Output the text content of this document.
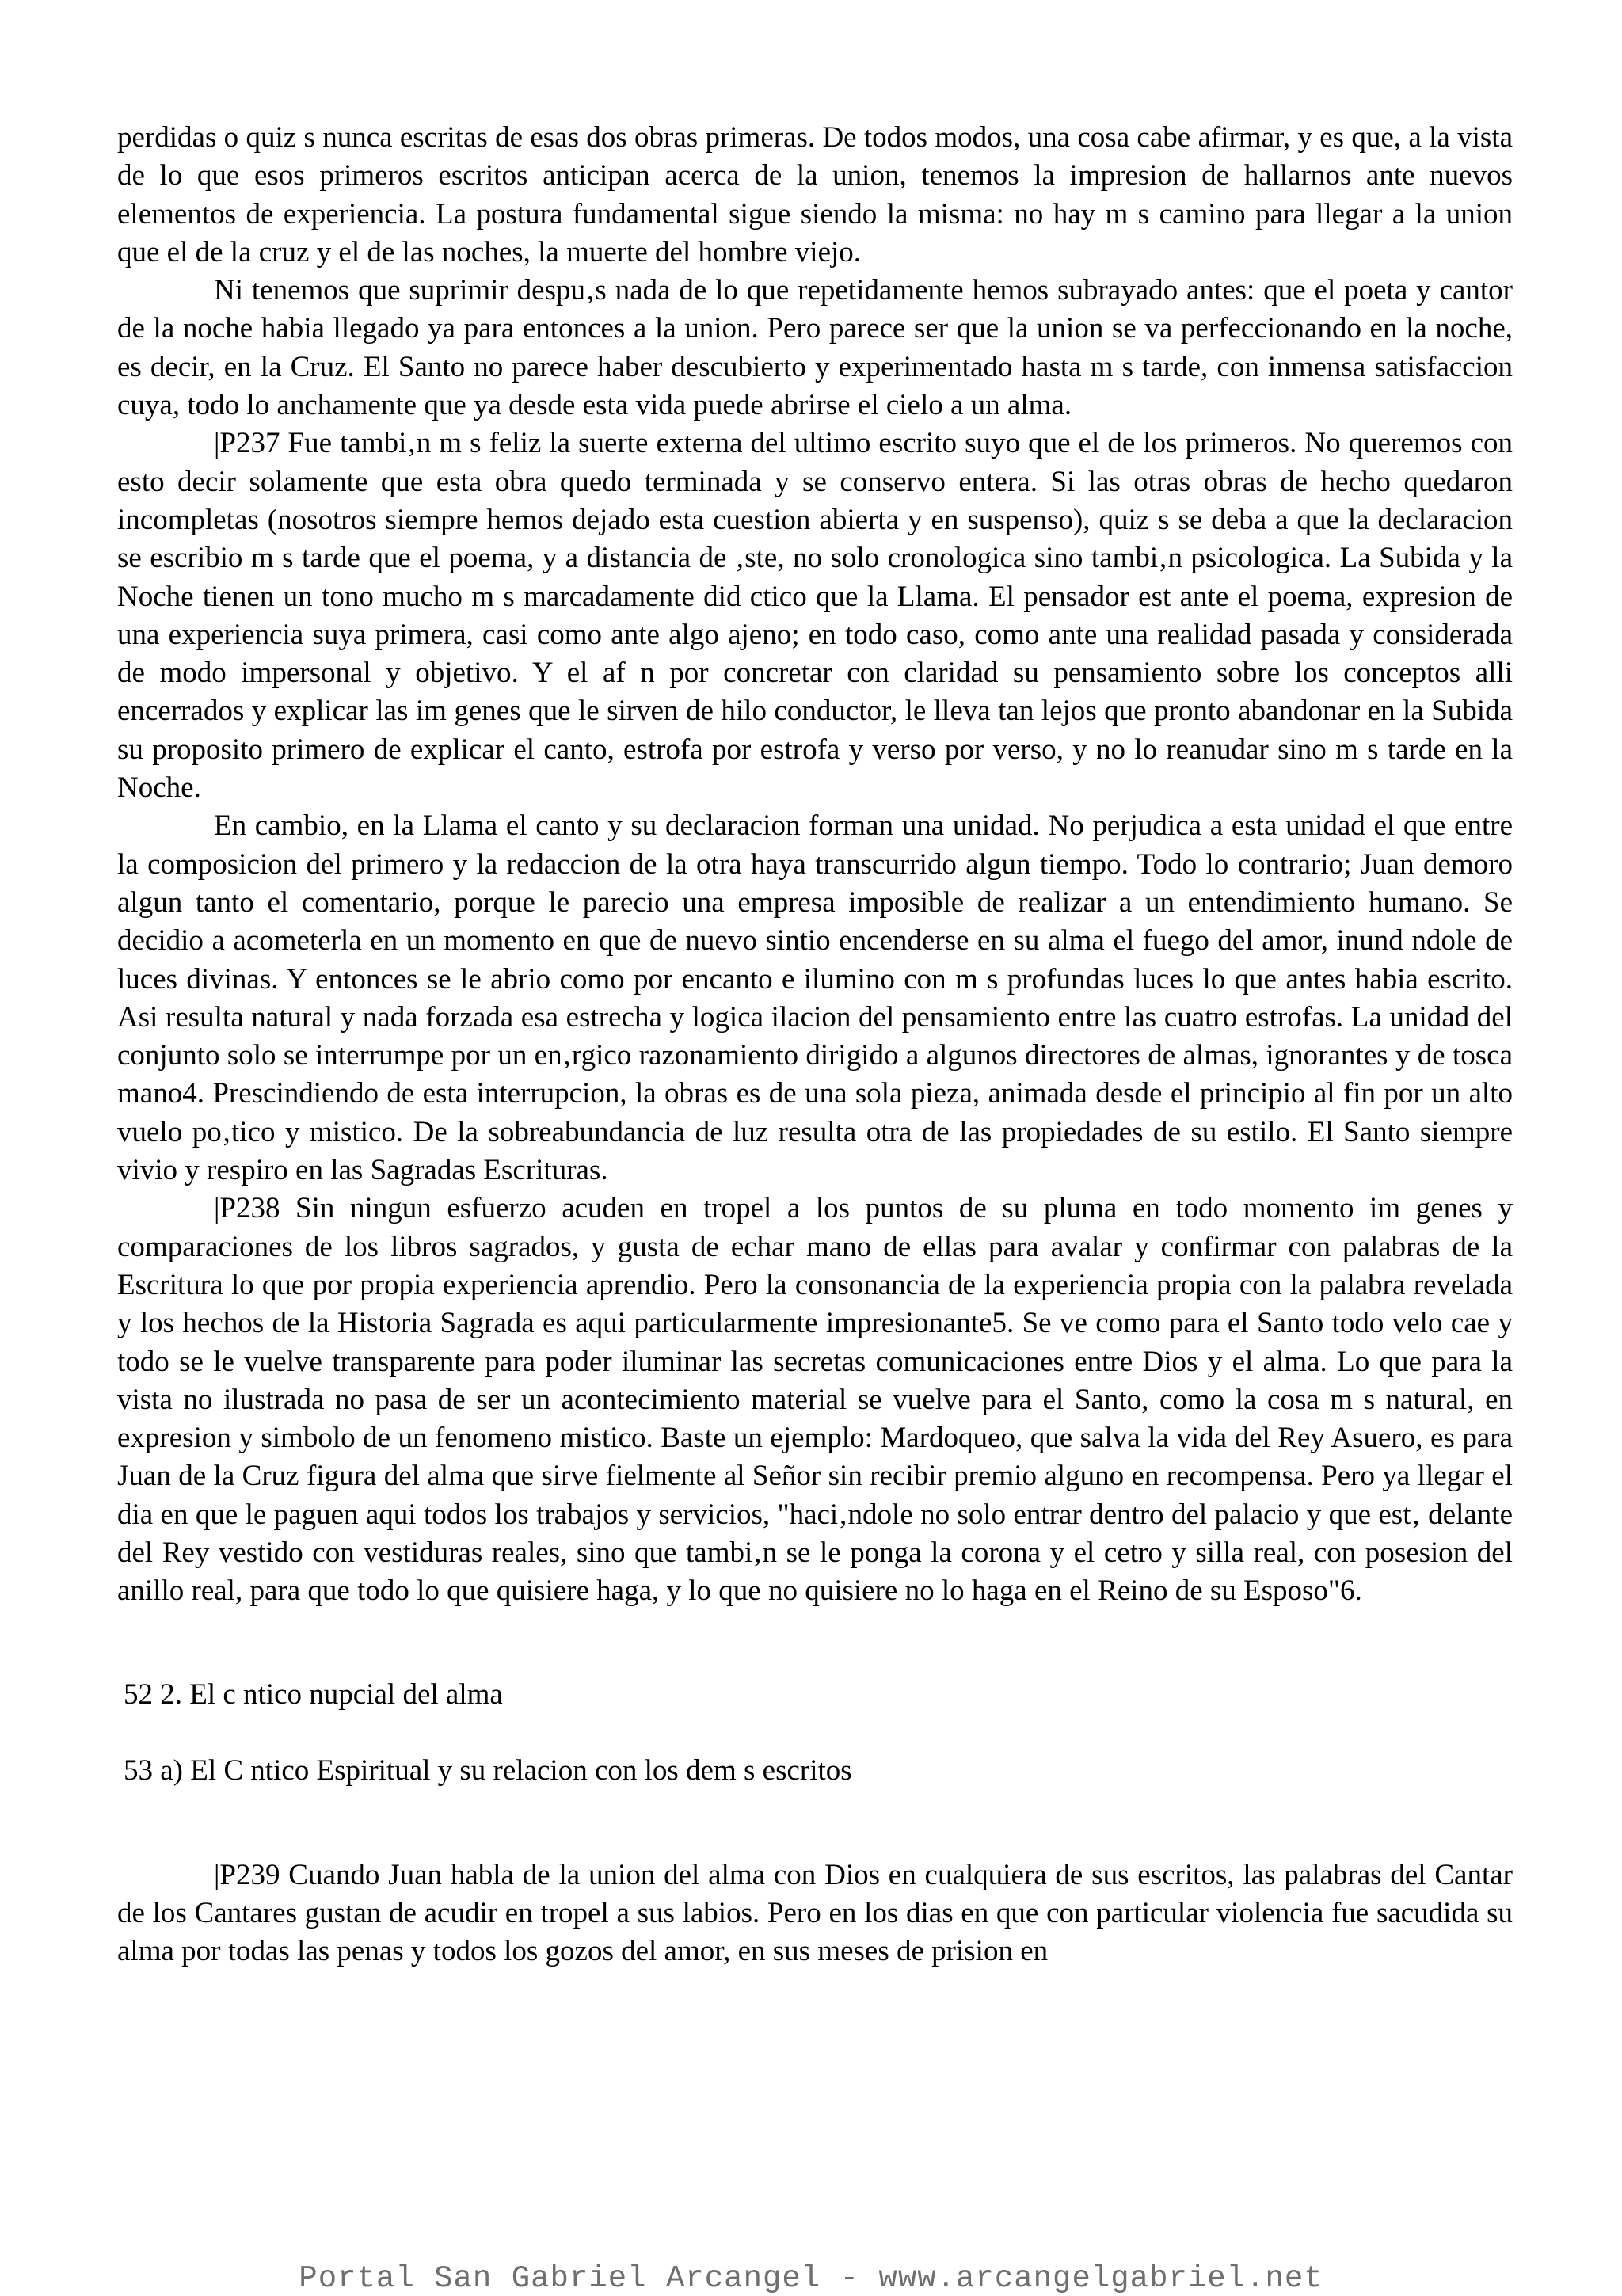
perdidas o quiz s nunca escritas de esas dos obras primeras. De todos modos, una cosa cabe afirmar, y es que, a la vista de lo que esos primeros escritos anticipan acerca de la union, tenemos la impresion de hallarnos ante nuevos elementos de experiencia. La postura fundamental sigue siendo la misma: no hay m s camino para llegar a la union que el de la cruz y el de las noches, la muerte del hombre viejo.

Ni tenemos que suprimir despu‚s nada de lo que repetidamente hemos subrayado antes: que el poeta y cantor de la noche habia llegado ya para entonces a la union. Pero parece ser que la union se va perfeccionando en la noche, es decir, en la Cruz. El Santo no parece haber descubierto y experimentado hasta m s tarde, con inmensa satisfaccion cuya, todo lo anchamente que ya desde esta vida puede abrirse el cielo a un alma.

|P237 Fue tambi‚n m s feliz la suerte externa del ultimo escrito suyo que el de los primeros. No queremos con esto decir solamente que esta obra quedo terminada y se conservo entera. Si las otras obras de hecho quedaron incompletas (nosotros siempre hemos dejado esta cuestion abierta y en suspenso), quiz s se deba a que la declaracion se escribio m s tarde que el poema, y a distancia de ‚ste, no solo cronologica sino tambi‚n psicologica. La Subida y la Noche tienen un tono mucho m s marcadamente did ctico que la Llama. El pensador est ante el poema, expresion de una experiencia suya primera, casi como ante algo ajeno; en todo caso, como ante una realidad pasada y considerada de modo impersonal y objetivo. Y el af n por concretar con claridad su pensamiento sobre los conceptos alli encerrados y explicar las im genes que le sirven de hilo conductor, le lleva tan lejos que pronto abandonar en la Subida su proposito primero de explicar el canto, estrofa por estrofa y verso por verso, y no lo reanudar sino m s tarde en la Noche.

En cambio, en la Llama el canto y su declaracion forman una unidad. No perjudica a esta unidad el que entre la composicion del primero y la redaccion de la otra haya transcurrido algun tiempo. Todo lo contrario; Juan demoro algun tanto el comentario, porque le parecio una empresa imposible de realizar a un entendimiento humano. Se decidio a acometerla en un momento en que de nuevo sintio encenderse en su alma el fuego del amor, inund ndole de luces divinas. Y entonces se le abrio como por encanto e ilumino con m s profundas luces lo que antes habia escrito. Asi resulta natural y nada forzada esa estrecha y logica ilacion del pensamiento entre las cuatro estrofas. La unidad del conjunto solo se interrumpe por un en‚rgico razonamiento dirigido a algunos directores de almas, ignorantes y de tosca mano4. Prescindiendo de esta interrupcion, la obras es de una sola pieza, animada desde el principio al fin por un alto vuelo po‚tico y mistico. De la sobreabundancia de luz resulta otra de las propiedades de su estilo. El Santo siempre vivio y respiro en las Sagradas Escrituras.

|P238 Sin ningun esfuerzo acuden en tropel a los puntos de su pluma en todo momento im genes y comparaciones de los libros sagrados, y gusta de echar mano de ellas para avalar y confirmar con palabras de la Escritura lo que por propia experiencia aprendio. Pero la consonancia de la experiencia propia con la palabra revelada y los hechos de la Historia Sagrada es aqui particularmente impresionante5. Se ve como para el Santo todo velo cae y todo se le vuelve transparente para poder iluminar las secretas comunicaciones entre Dios y el alma. Lo que para la vista no ilustrada no pasa de ser un acontecimiento material se vuelve para el Santo, como la cosa m s natural, en expresion y simbolo de un fenomeno mistico. Baste un ejemplo: Mardoqueo, que salva la vida del Rey Asuero, es para Juan de la Cruz figura del alma que sirve fielmente al Señor sin recibir premio alguno en recompensa. Pero ya llegar el dia en que le paguen aqui todos los trabajos y servicios, "haci‚ndole no solo entrar dentro del palacio y que est‚ delante del Rey vestido con vestiduras reales, sino que tambi‚n se le ponga la corona y el cetro y silla real, con posesion del anillo real, para que todo lo que quisiere haga, y lo que no quisiere no lo haga en el Reino de su Esposo"6.

52 2. El c ntico nupcial del alma

53 a) El C ntico Espiritual y su relacion con los dem s escritos

|P239 Cuando Juan habla de la union del alma con Dios en cualquiera de sus escritos, las palabras del Cantar de los Cantares gustan de acudir en tropel a sus labios. Pero en los dias en que con particular violencia fue sacudida su alma por todas las penas y todos los gozos del amor, en sus meses de prision en

Portal San Gabriel Arcangel - www.arcangelgabriel.net
